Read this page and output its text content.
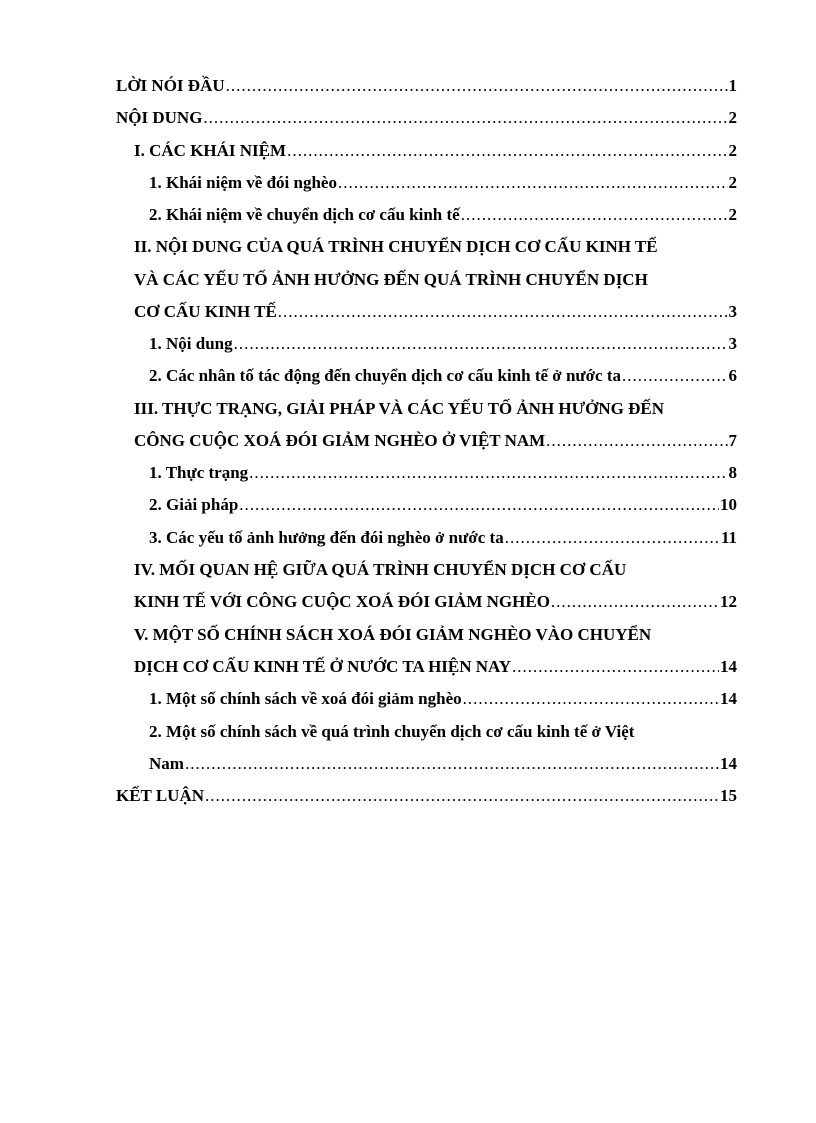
LỜI NÓI ĐẦU .....	1
NỘI DUNG .....	2
I. CÁC KHÁI NIỆM .....	2
1. Khái niệm về đói nghèo .....	2
2. Khái niệm về chuyển dịch cơ cấu kinh tế .....	2
II. NỘI DUNG CỦA QUÁ TRÌNH CHUYỂN DỊCH CƠ CẤU KINH TẾ
VÀ CÁC YẾU TỐ ẢNH HƯỞNG ĐẾN QUÁ TRÌNH CHUYỂN DỊCH
CƠ CẤU KINH TẾ .....	3
1. Nội dung .....	3
2. Các nhân tố tác động đến chuyển dịch cơ cấu kinh tế ở nước ta .....	6
III. THỰC TRẠNG, GIẢI PHÁP VÀ CÁC YẾU TỐ ẢNH HƯỞNG ĐẾN
CÔNG CUỘC XOÁ ĐÓI GIẢM NGHÈO Ở VIỆT NAM .....	7
1. Thực trạng .....	8
2. Giải pháp .....	10
3. Các yếu tố ảnh hưởng đến đói nghèo ở nước ta .....	11
IV. MỐI QUAN HỆ GIỮA QUÁ TRÌNH CHUYỂN DỊCH CƠ CẤU
KINH TẾ VỚI CÔNG CUỘC XOÁ ĐÓI GIẢM NGHÈO .....	12
V. MỘT SỐ CHÍNH SÁCH XOÁ ĐÓI GIẢM NGHÈO VÀO CHUYỂN
DỊCH CƠ CẤU KINH TẾ Ở NƯỚC TA HIỆN NAY .....	14
1. Một số chính sách về xoá đói giảm nghèo .....	14
2. Một số chính sách về quá trình chuyển dịch cơ cấu kinh tế ở Việt
Nam .....	14
KẾT LUẬN .....	15
